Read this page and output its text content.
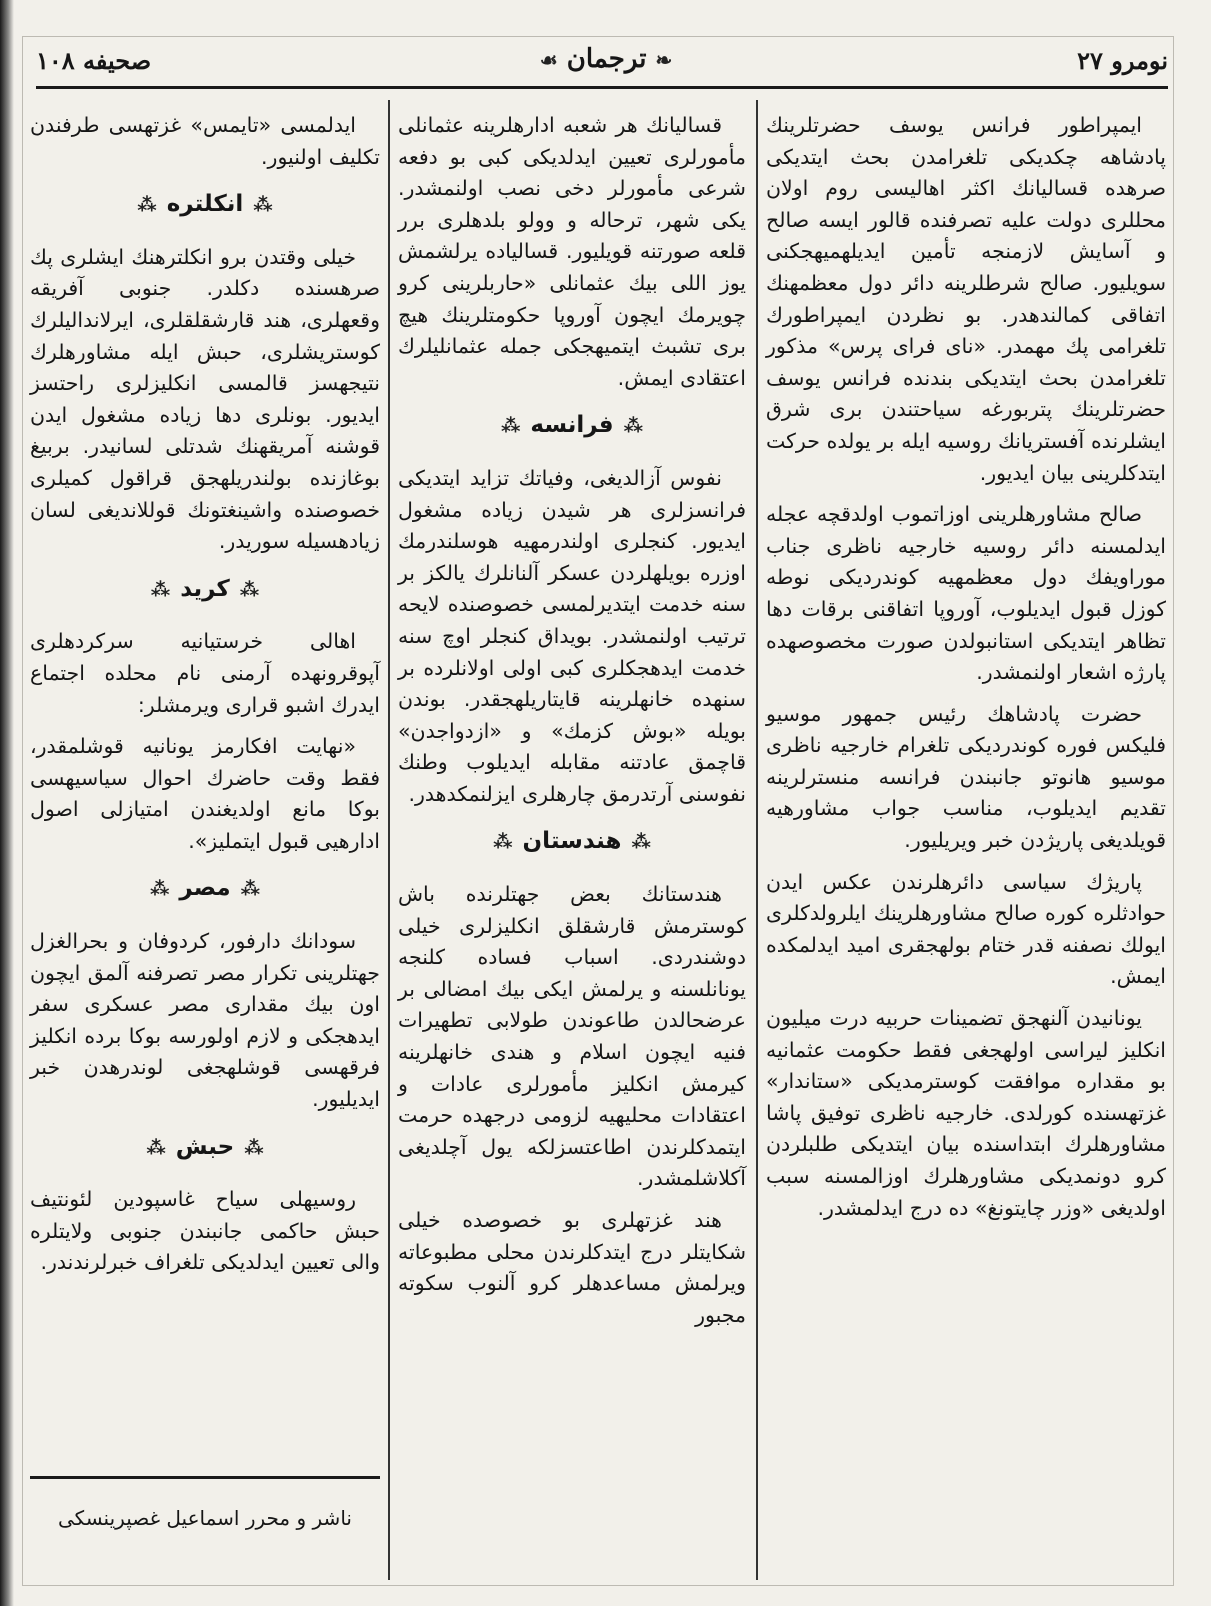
نومرو ۲۷
❧ ترجمان ☙
صحيفه ۱۰۸

ايمپراطور فرانس يوسف حضرتلرينك پادشاهه چكديكى تلغرامدن بحث ايتديكى صرهده قساليانك اكثر اهاليسى روم اولان محللرى دولت عليه تصرفنده قالور ايسه صالح و آسايش لازمنجه تأمين ايديلهميهجكنى سويليور. صالح شرطلرينه دائر دول معظمهنك اتفاقى كمالندهدر. بو نظردن ايمپراطورك تلغرامى پك مهمدر. «ناى فراى پرس» مذكور تلغرامدن بحث ايتديكى بندنده فرانس يوسف حضرتلرينك پتربورغه سياحتندن برى شرق ايشلرنده آفستريانك روسيه ايله بر يولده حركت ايتدكلرينى بيان ايديور.

صالح مشاورهلرينى اوزاتموب اولدقچه عجله ايدلمسنه دائر روسيه خارجيه ناظرى جناب موراويفك دول معظمهيه كوندرديكى نوطه كوزل قبول ايديلوب، آوروپا اتفاقنى برقات دها تظاهر ايتديكى استانبولدن صورت مخصوصهده پارژه اشعار اولنمشدر.

حضرت پادشاهك رئيس جمهور موسيو فليكس فوره كوندرديكى تلغرام خارجيه ناظرى موسيو هانوتو جانبندن فرانسه منسترلرينه تقديم ايديلوب، مناسب جواب مشاورهيه قويلديغى پاريژدن خبر ويريليور.

پاريژك سياسى دائرهلرندن عكس ايدن حوادثلره كوره صالح مشاورهلرينك ايلرولدكلرى ايولك نصفنه قدر ختام بولهجقرى اميد ايدلمكده ايمش.

يونانيدن آلنهجق تضمينات حربيه درت ميليون انكليز ليراسى اولهجغى فقط حكومت عثمانيه بو مقداره موافقت كوسترمديكى «ستاندار» غزتهسنده كورلدى. خارجيه ناظرى توفيق پاشا مشاورهلرك ابتداسنده بيان ايتديكى طلبلردن كرو دونمديكى مشاورهلرك اوزالمسنه سبب اولديغى «وزر چايتونغ» ده درج ايدلمشدر.

قساليانك هر شعبه ادارهلرينه عثمانلى مأمورلرى تعيين ايدلديكى كبى بو دفعه شرعى مأمورلر دخى نصب اولنمشدر. يكى شهر، ترحاله و وولو بلدهلرى برر قلعه صورتنه قويليور. قسالياده يرلشمش يوز اللى بيك عثمانلى «حاربلرينى كرو چويرمك ايچون آوروپا حكومتلرينك هيچ برى تشبث ايتميهجكى جمله عثمانليلرك اعتقادى ايمش.

⁂فرانسه⁂

نفوس آزالديغى، وفياتك تزايد ايتديكى فرانسزلرى هر شيدن زياده مشغول ايديور. كنجلرى اولندرمهيه هوسلندرمك اوزره بويلهلردن عسكر آلنانلرك يالكز بر سنه خدمت ايتديرلمسى خصوصنده لايحه ترتيب اولنمشدر. بويداق كنجلر اوچ سنه خدمت ايدهجكلرى كبى اولى اولانلرده بر سنهده خانهلرينه قايتاريلهجقدر. بوندن بويله «بوش كزمك» و «ازدواجدن» قاچمق عادتنه مقابله ايديلوب وطنك نفوسنى آرتدرمق چارهلرى ايزلنمكدهدر.

⁂هندستان⁂

هندستانك بعض جهتلرنده باش كوسترمش قارشقلق انكليزلرى خيلى دوشندردى. اسباب فساده كلنجه يونانلسنه و يرلمش ايكى بيك امضالى بر عرضحالدن طاعوندن طولابى تطهيرات فنيه ايچون اسلام و هندى خانهلرينه كيرمش انكليز مأمورلرى عادات و اعتقادات محليهيه لزومى درجهده حرمت ايتمدكلرندن اطاعتسزلكه يول آچلديغى آكلاشلمشدر.

هند غزتهلرى بو خصوصده خيلى شكايتلر درج ايتدكلرندن محلى مطبوعاته ويرلمش مساعدهلر كرو آلنوب سكوته مجبور

ايدلمسى «تايمس» غزتهسى طرفندن تكليف اولنيور.

⁂انكلتره⁂

خيلى وقتدن برو انكلترهنك ايشلرى پك صرهسنده دكلدر. جنوبى آفريقه وقعهلرى، هند قارشقلقلرى، ايرلانداليلرك كوستريشلرى، حبش ايله مشاورهلرك نتيجهسز قالمسى انكليزلرى راحتسز ايديور. بونلرى دها زياده مشغول ايدن قوشنه آمريقهنك شدتلى لسانيدر. بربيغ بوغازنده بولندريلهجق قراقول كميلرى خصوصنده واشينغتونك قوللانديغى لسان زيادهسيله سوريدر.

⁂كريد⁂

اهالى خرستيانيه سركردهلرى آپوقرونهده آرمنى نام محلده اجتماع ايدرك اشبو قرارى ويرمشلر:

«نهايت افكارمز يونانيه قوشلمقدر، فقط وقت حاضرك احوال سياسيهسى بوكا مانع اولديغندن امتيازلى اصول ادارهيى قبول ايتمليز».

⁂مصر⁂

سودانك دارفور، كردوفان و بحرالغزل جهتلرينى تكرار مصر تصرفنه آلمق ايچون اون بيك مقدارى مصر عسكرى سفر ايدهجكى و لازم اولورسه بوكا برده انكليز فرقهسى قوشلهجغى لوندرهدن خبر ايديليور.

⁂حبش⁂

روسيهلى سياح غاسپودين لئونتيف حبش حاكمى جانبندن جنوبى ولايتلره والى تعيين ايدلديكى تلغراف خبرلرندندر.

ناشر و محرر اسماعيل غصپرينسكى
